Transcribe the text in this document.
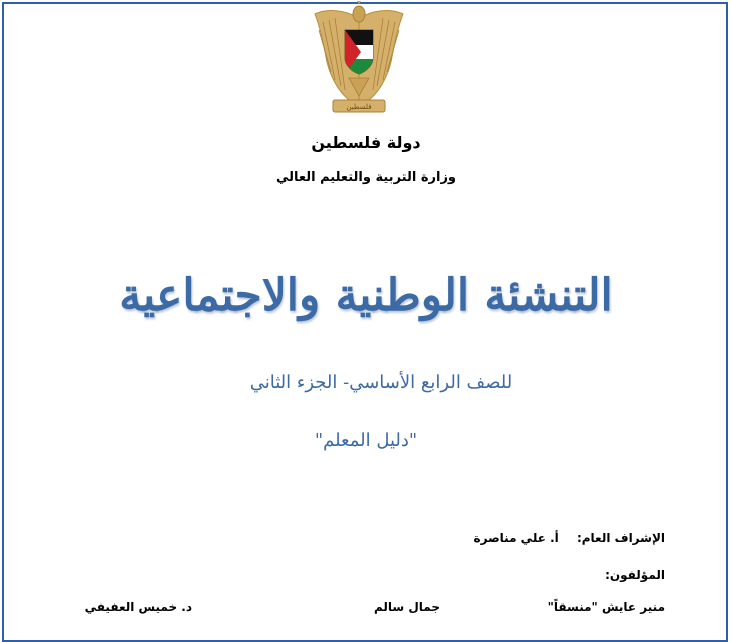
فلسطين
دولة فلسطين
وزارة التربية والتعليم العالي
التنشئة الوطنية والاجتماعية
للصف الرابع الأساسي- الجزء الثاني
"دليل المعلم"
الإشراف العام: أ. علي مناصرة
المؤلفون:
منير عايش "منسقاً"
جمال سالم
د. خميس العفيفي
